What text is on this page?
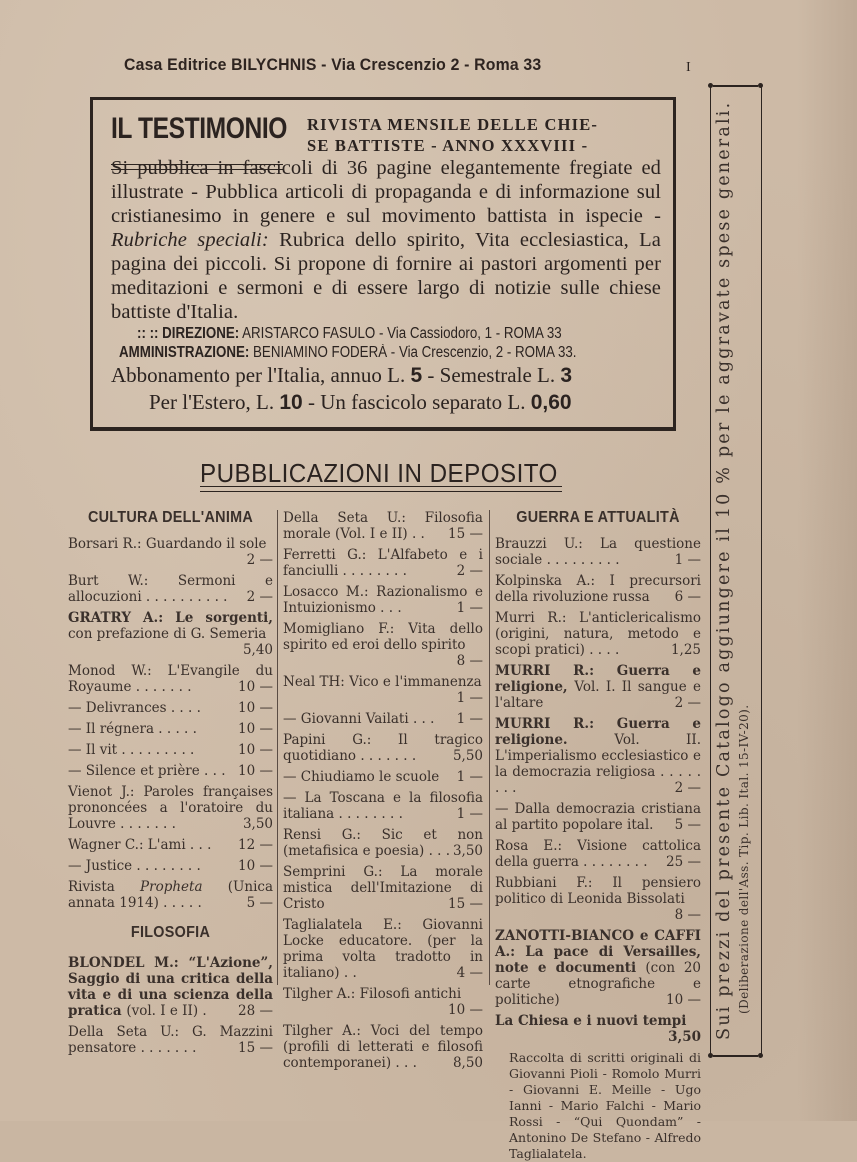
Casa Editrice BILYCHNIS - Via Crescenzio 2 - Roma 33	I
IL TESTIMONIO RIVISTA MENSILE DELLE CHIE-
SE BATTISTE - ANNO XXXVIII -
Si pubblica in fascicoli di 36 pagine elegantemente fregiate ed illustrate - Pubblica articoli di propaganda e di informazione sul cristianesimo in genere e sul movimento battista in ispecie - Rubriche speciali: Rubrica dello spirito, Vita ecclesiastica, La pagina dei piccoli. Si propone di fornire ai pastori argomenti per meditazioni e sermoni e di essere largo di notizie sulle chiese battiste d'Italia.
:: :: DIREZIONE: ARISTARCO FASULO - Via Cassiodoro, 1 - ROMA 33
AMMINISTRAZIONE: BENIAMINO FODERÀ - Via Crescenzio, 2 - ROMA 33.
Abbonamento per l'Italia, annuo L. 5 - Semestrale L. 3
Per l'Estero, L. 10 - Un fascicolo separato L. 0,60
PUBBLICAZIONI IN DEPOSITO
CULTURA DELL'ANIMA
Borsari R.: Guardando il sole
2 —
Burt W.: Sermoni e allocuzioni . . . . . . . . . . 2 —
GRATRY A.: Le sorgenti, con prefazione di G. Semeria
5,40
Monod W.: L'Evangile du Royaume . . . . . . .	10 —
— Delivrances . . . .	10 —
— Il régnera . . . . .	10 —
— Il vit . . . . . . . . .	10 —
— Silence et prière . . . 10 —
Vienot J.: Paroles françaises prononcées a l'oratoire du Louvre . . . . . . .	3,50
Wagner C.: L'ami . . . 12 —
— Justice . . . . . . . .	10 —
Rivista Propheta (Unica annata 1914) . . . . .	5 —
FILOSOFIA
BLONDEL M.: “L'Azione”, Saggio di una critica della vita e di una scienza della pratica (vol. I e II) . 28 —
Della Seta U.: G. Mazzini pensatore . . . . . . .	15 —
Della Seta U.: Filosofia morale (Vol. I e II) . . 15 —
Ferretti G.: L'Alfabeto e i fanciulli . . . . . . . .	2 —
Losacco M.: Razionalismo e Intuizionismo . . .	1 —
Momigliano F.: Vita dello spirito ed eroi dello spirito
8 —
Neal TH: Vico e l'immanenza
1 —
— Giovanni Vailati . . . 1 —
Papini G.: Il tragico quotidiano . . . . . . .	5,50
— Chiudiamo le scuole 1 —
— La Toscana e la filosofia italiana . . . . . . . .	1 —
Rensi G.: Sic et non (metafisica e poesia) . . . 3,50
Semprini G.: La morale mistica dell'Imitazione di Cristo	15 —
Taglialatela E.: Giovanni Locke educatore. (per la prima volta tradotto in italiano) . .	4 —
Tilgher A.: Filosofi antichi
10 —
Tilgher A.: Voci del tempo (profili di letterati e filosofi contemporanei) . . .	8,50
GUERRA E ATTUALITÀ
Brauzzi U.: La questione sociale . . . . . . . . .	1 —
Kolpinska A.: I precursori della rivoluzione russa 6 —
Murri R.: L'anticlericalismo (origini, natura, metodo e scopi pratici) . . . .	1,25
MURRI R.: Guerra e religione, Vol. I. Il sangue e l'altare	2 —
MURRI R.: Guerra e religione. Vol. II. L'imperialismo ecclesiastico e la democrazia religiosa . . . . . . . .	2 —
— Dalla democrazia cristiana al partito popolare ital. 5 —
Rosa E.: Visione cattolica della guerra . . . . . . . . 25 —
Rubbiani F.: Il pensiero politico di Leonida Bissolati
8 —
ZANOTTI-BIANCO e CAFFI A.: La pace di Versailles, note e documenti (con 20 carte etnografiche e politiche)	10 —
La Chiesa e i nuovi tempi
3,50
Raccolta di scritti originali di Giovanni Pioli - Romolo Murri - Giovanni E. Meille - Ugo Ianni - Mario Falchi - Mario Rossi - “Qui Quondam” - Antonino De Stefano - Alfredo Taglialatela.
Sui prezzi del presente Catalogo aggiungere il 10 % per le aggravate spese generali. (Deliberazione dell'Ass. Tip. Lib. Ital. 15-IV-20).
